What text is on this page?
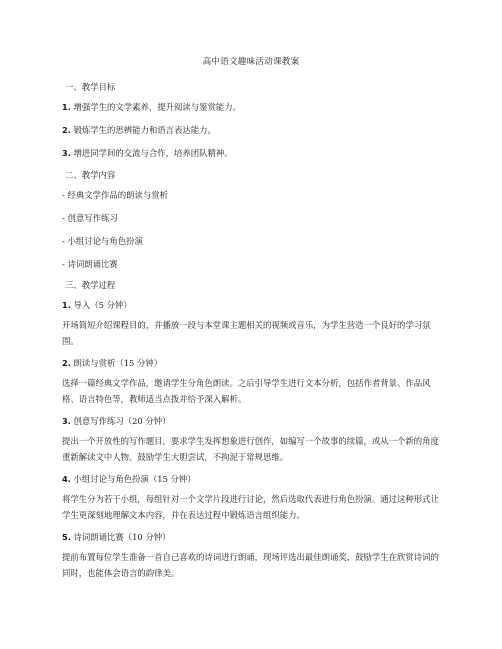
高中语文趣味活动课教案
一、教学目标
1. 增强学生的文学素养，提升阅读与鉴赏能力。
2. 锻炼学生的思辨能力和语言表达能力。
3. 增进同学间的交流与合作，培养团队精神。
二、教学内容
- 经典文学作品的朗读与赏析
- 创意写作练习
- 小组讨论与角色扮演
- 诗词朗诵比赛
三、教学过程
1. 导入（5 分钟）
开场简短介绍课程目的，并播放一段与本堂课主题相关的视频或音乐，为学生营造一个良好的学习氛围。
2. 朗读与赏析（15 分钟）
选择一篇经典文学作品，邀请学生分角色朗读。之后引导学生进行文本分析，包括作者背景、作品风格、语言特色等，教师适当点拨并给予深入解析。
3. 创意写作练习（20 分钟）
提出一个开放性的写作题目，要求学生发挥想象进行创作，如编写一个故事的续篇，或从一个新的角度重新解读文中人物。鼓励学生大胆尝试，不拘泥于常规思维。
4. 小组讨论与角色扮演（15 分钟）
将学生分为若干小组，每组针对一个文学片段进行讨论，然后选取代表进行角色扮演。通过这种形式让学生更深刻地理解文本内容，并在表达过程中锻炼语言组织能力。
5. 诗词朗诵比赛（10 分钟）
提前布置每位学生准备一首自己喜欢的诗词进行朗诵，现场评选出最佳朗诵奖，鼓励学生在欣赏诗词的同时，也能体会语言的韵律美。
